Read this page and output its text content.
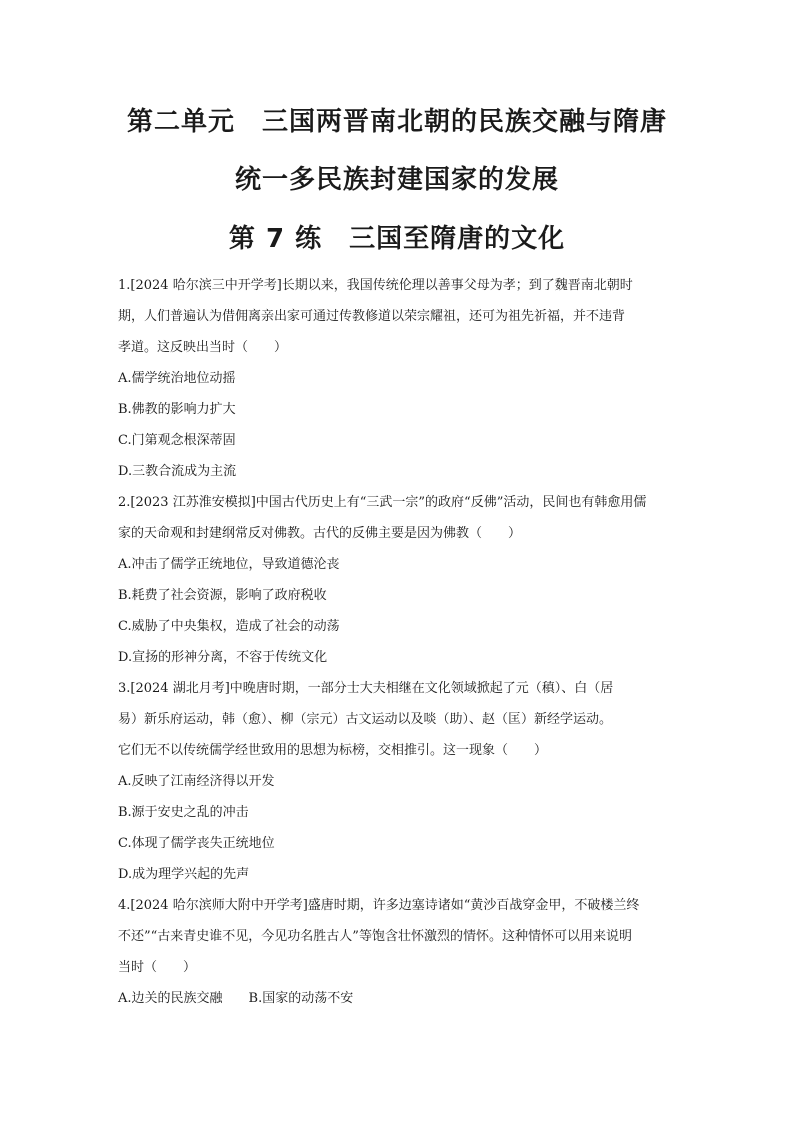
第二单元　三国两晋南北朝的民族交融与隋唐
统一多民族封建国家的发展
第 7 练　三国至隋唐的文化
1.[2024 哈尔滨三中开学考]长期以来，我国传统伦理以善事父母为孝；到了魏晋南北朝时
期，人们普遍认为借佣离亲出家可通过传教修道以荣宗耀祖，还可为祖先祈福，并不违背
孝道。这反映出当时（　　）
A.儒学统治地位动摇
B.佛教的影响力扩大
C.门第观念根深蒂固
D.三教合流成为主流
2.[2023 江苏淮安模拟]中国古代历史上有“三武一宗”的政府“反佛”活动，民间也有韩愈用儒
家的天命观和封建纲常反对佛教。古代的反佛主要是因为佛教（　　）
A.冲击了儒学正统地位，导致道德沦丧
B.耗费了社会资源，影响了政府税收
C.威胁了中央集权，造成了社会的动荡
D.宣扬的形神分离，不容于传统文化
3.[2024 湖北月考]中晚唐时期，一部分士大夫相继在文化领域掀起了元（稹）、白（居
易）新乐府运动，韩（愈）、柳（宗元）古文运动以及啖（助）、赵（匡）新经学运动。
它们无不以传统儒学经世致用的思想为标榜，交相推引。这一现象（　　）
A.反映了江南经济得以开发
B.源于安史之乱的冲击
C.体现了儒学丧失正统地位
D.成为理学兴起的先声
4.[2024 哈尔滨师大附中开学考]盛唐时期，许多边塞诗诸如“黄沙百战穿金甲，不破楼兰终
不还”“古来青史谁不见，今见功名胜古人”等饱含壮怀激烈的情怀。这种情怀可以用来说明
当时（　　）
A.边关的民族交融　　B.国家的动荡不安
